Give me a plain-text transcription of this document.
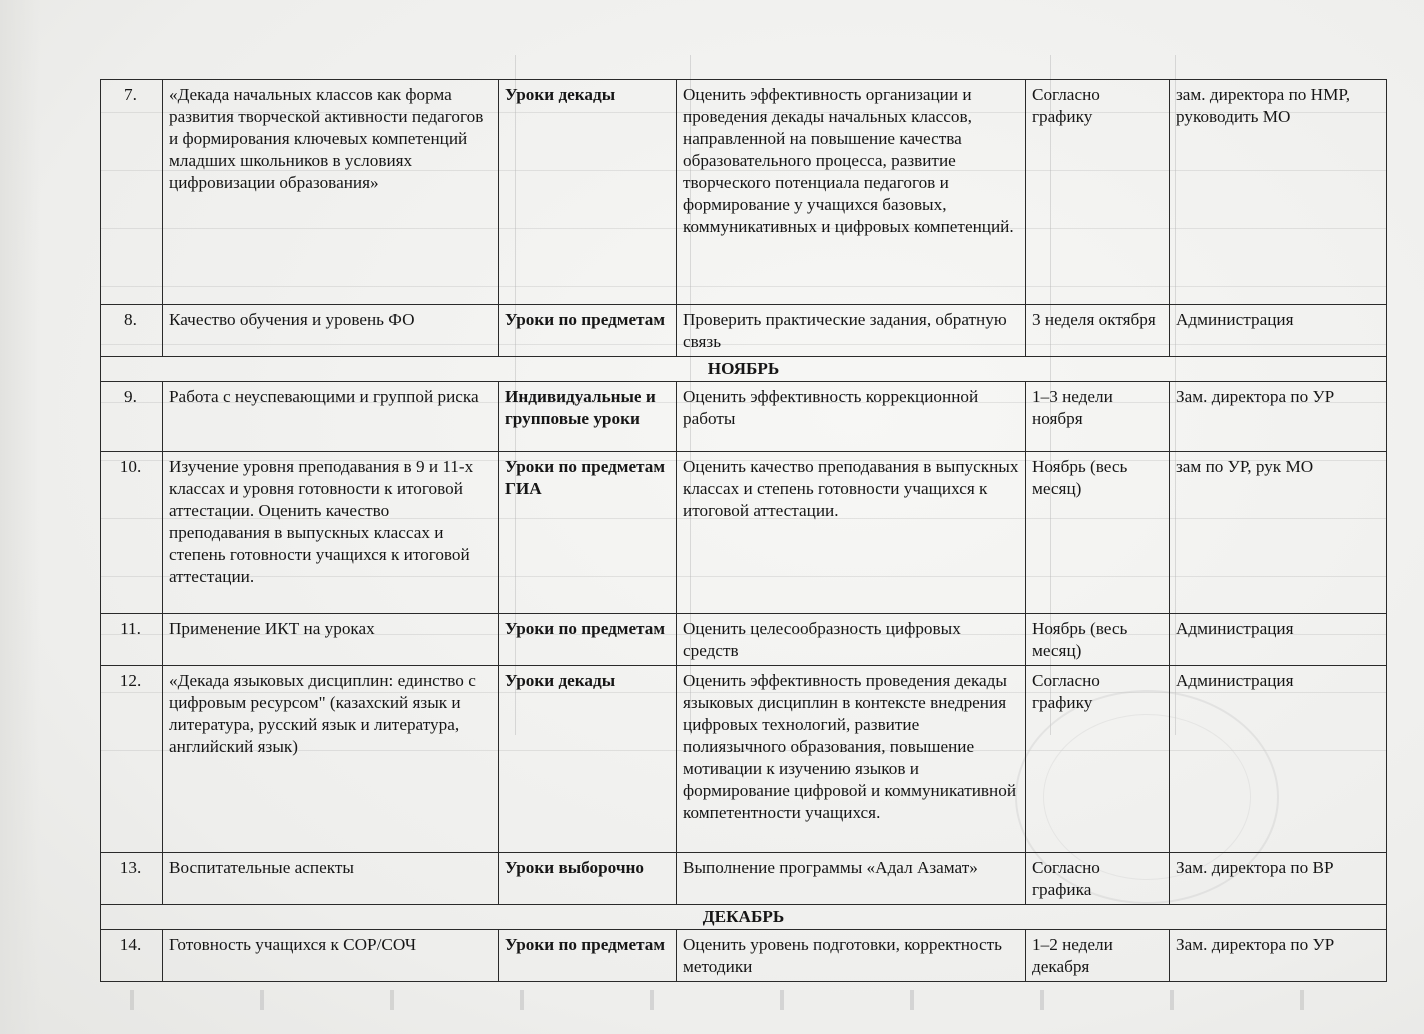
7.	«Декада начальных классов как форма развития творческой активности педагогов и формирования ключевых компетенций младших школьников в условиях цифровизации образования»	Уроки декады	Оценить эффективность организации и проведения декады начальных классов, направленной на повышение качества образовательного процесса, развитие творческого потенциала педагогов и формирование у учащихся базовых, коммуникативных и цифровых компетенций.	Согласно графику	зам. директора по НМР, руководить МО
8.	Качество обучения и уровень ФО	Уроки по предметам	Проверить практические задания, обратную связь	3 неделя октября	Администрация
НОЯБРЬ					
9.	Работа с неуспевающими и группой риска	Индивидуальные и групповые уроки	Оценить эффективность коррекционной работы	1–3 недели ноября	Зам. директора по УР
10.	Изучение уровня преподавания в 9 и 11-х классах и уровня готовности к итоговой аттестации. Оценить качество преподавания в выпускных классах и степень готовности учащихся к итоговой аттестации.	Уроки по предметам ГИА	Оценить качество преподавания в выпускных классах и степень готовности учащихся к итоговой аттестации.	Ноябрь (весь месяц)	зам по УР, рук МО
11.	Применение ИКТ на уроках	Уроки по предметам	Оценить целесообразность цифровых средств	Ноябрь (весь месяц)	Администрация
12.	«Декада языковых дисциплин: единство с цифровым ресурсом" (казахский язык и литература, русский язык и литература, английский язык)	Уроки декады	Оценить эффективность проведения декады языковых дисциплин в контексте внедрения цифровых технологий, развитие полиязычного образования, повышение мотивации к изучению языков и формирование цифровой и коммуникативной компетентности учащихся.	Согласно графику	Администрация
13.	Воспитательные аспекты	Уроки выборочно	Выполнение программы «Адал Азамат»	Согласно графика	Зам. директора по ВР
ДЕКАБРЬ					
14.	Готовность учащихся к СОР/СОЧ	Уроки по предметам	Оценить уровень подготовки, корректность методики	1–2 недели декабря	Зам. директора по УР
